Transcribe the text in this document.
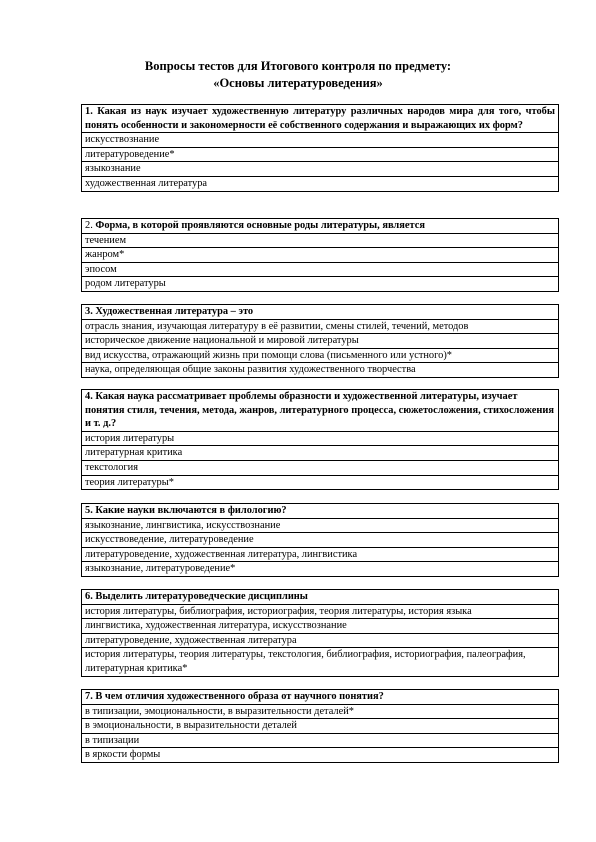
Вопросы тестов для Итогового контроля по предмету:
«Основы литературоведения»
1. Какая из наук изучает художественную литературу различных народов мира для того, чтобы понять особенности и закономерности её собственного содержания и выражающих их форм?
искусствознание
литературоведение*
языкознание
художественная литература
2. Форма, в которой проявляются основные роды литературы, является
течением
жанром*
эпосом
родом литературы
3. Художественная литература – это
отрасль знания, изучающая литературу в её развитии, смены стилей, течений, методов
историческое движение национальной и мировой литературы
вид искусства, отражающий жизнь при помощи слова (письменного или устного)*
наука, определяющая общие законы развития художественного творчества
4. Какая наука рассматривает проблемы образности и художественной литературы, изучает понятия стиля, течения, метода, жанров, литературного процесса, сюжетосложения, стихосложения и т. д.?
история литературы
литературная критика
текстология
теория литературы*
5. Какие науки включаются в филологию?
языкознание, лингвистика, искусствознание
искусствоведение, литературоведение
литературоведение, художественная литература, лингвистика
языкознание, литературоведение*
6. Выделить литературоведческие дисциплины
история литературы, библиография, историография, теория литературы, история языка
лингвистика, художественная литература, искусствознание
литературоведение, художественная литература
история литературы, теория литературы, текстология, библиография, историография, палеография, литературная критика*
7. В чем отличия художественного образа от научного понятия?
в типизации, эмоциональности, в выразительности деталей*
в эмоциональности, в выразительности деталей
в типизации
в яркости формы
